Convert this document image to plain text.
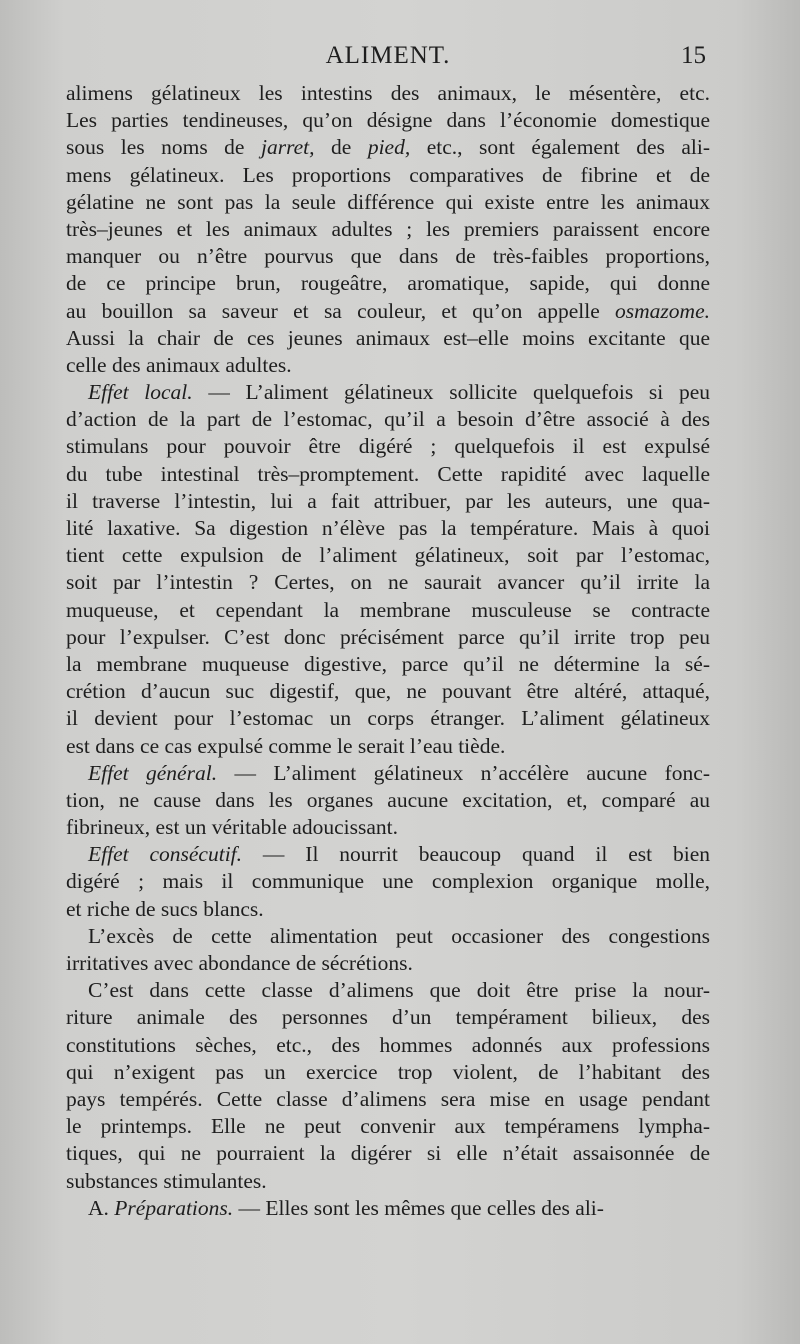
ALIMENT.	15
alimens gélatineux les intestins des animaux, le mésentère, etc.
Les parties tendineuses, qu’on désigne dans l’économie domestique
sous les noms de jarret, de pied, etc., sont également des ali-
mens gélatineux. Les proportions comparatives de fibrine et de
gélatine ne sont pas la seule différence qui existe entre les animaux
très–jeunes et les animaux adultes ; les premiers paraissent encore
manquer ou n’être pourvus que dans de très-faibles proportions,
de ce principe brun, rougeâtre, aromatique, sapide, qui donne
au bouillon sa saveur et sa couleur, et qu’on appelle osmazome.
Aussi la chair de ces jeunes animaux est–elle moins excitante que
celle des animaux adultes.
Effet local. — L’aliment gélatineux sollicite quelquefois si peu
d’action de la part de l’estomac, qu’il a besoin d’être associé à des
stimulans pour pouvoir être digéré ; quelquefois il est expulsé
du tube intestinal très–promptement. Cette rapidité avec laquelle
il traverse l’intestin, lui a fait attribuer, par les auteurs, une qua-
lité laxative. Sa digestion n’élève pas la température. Mais à quoi
tient cette expulsion de l’aliment gélatineux, soit par l’estomac,
soit par l’intestin ? Certes, on ne saurait avancer qu’il irrite la
muqueuse, et cependant la membrane musculeuse se contracte
pour l’expulser. C’est donc précisément parce qu’il irrite trop peu
la membrane muqueuse digestive, parce qu’il ne détermine la sé-
crétion d’aucun suc digestif, que, ne pouvant être altéré, attaqué,
il devient pour l’estomac un corps étranger. L’aliment gélatineux
est dans ce cas expulsé comme le serait l’eau tiède.
Effet général. — L’aliment gélatineux n’accélère aucune fonc-
tion, ne cause dans les organes aucune excitation, et, comparé au
fibrineux, est un véritable adoucissant.
Effet consécutif. — Il nourrit beaucoup quand il est bien
digéré ; mais il communique une complexion organique molle,
et riche de sucs blancs.
L’excès de cette alimentation peut occasioner des congestions
irritatives avec abondance de sécrétions.
C’est dans cette classe d’alimens que doit être prise la nour-
riture animale des personnes d’un tempérament bilieux, des
constitutions sèches, etc., des hommes adonnés aux professions
qui n’exigent pas un exercice trop violent, de l’habitant des
pays tempérés. Cette classe d’alimens sera mise en usage pendant
le printemps. Elle ne peut convenir aux tempéramens lympha-
tiques, qui ne pourraient la digérer si elle n’était assaisonnée de
substances stimulantes.
A. Préparations. — Elles sont les mêmes que celles des ali-
